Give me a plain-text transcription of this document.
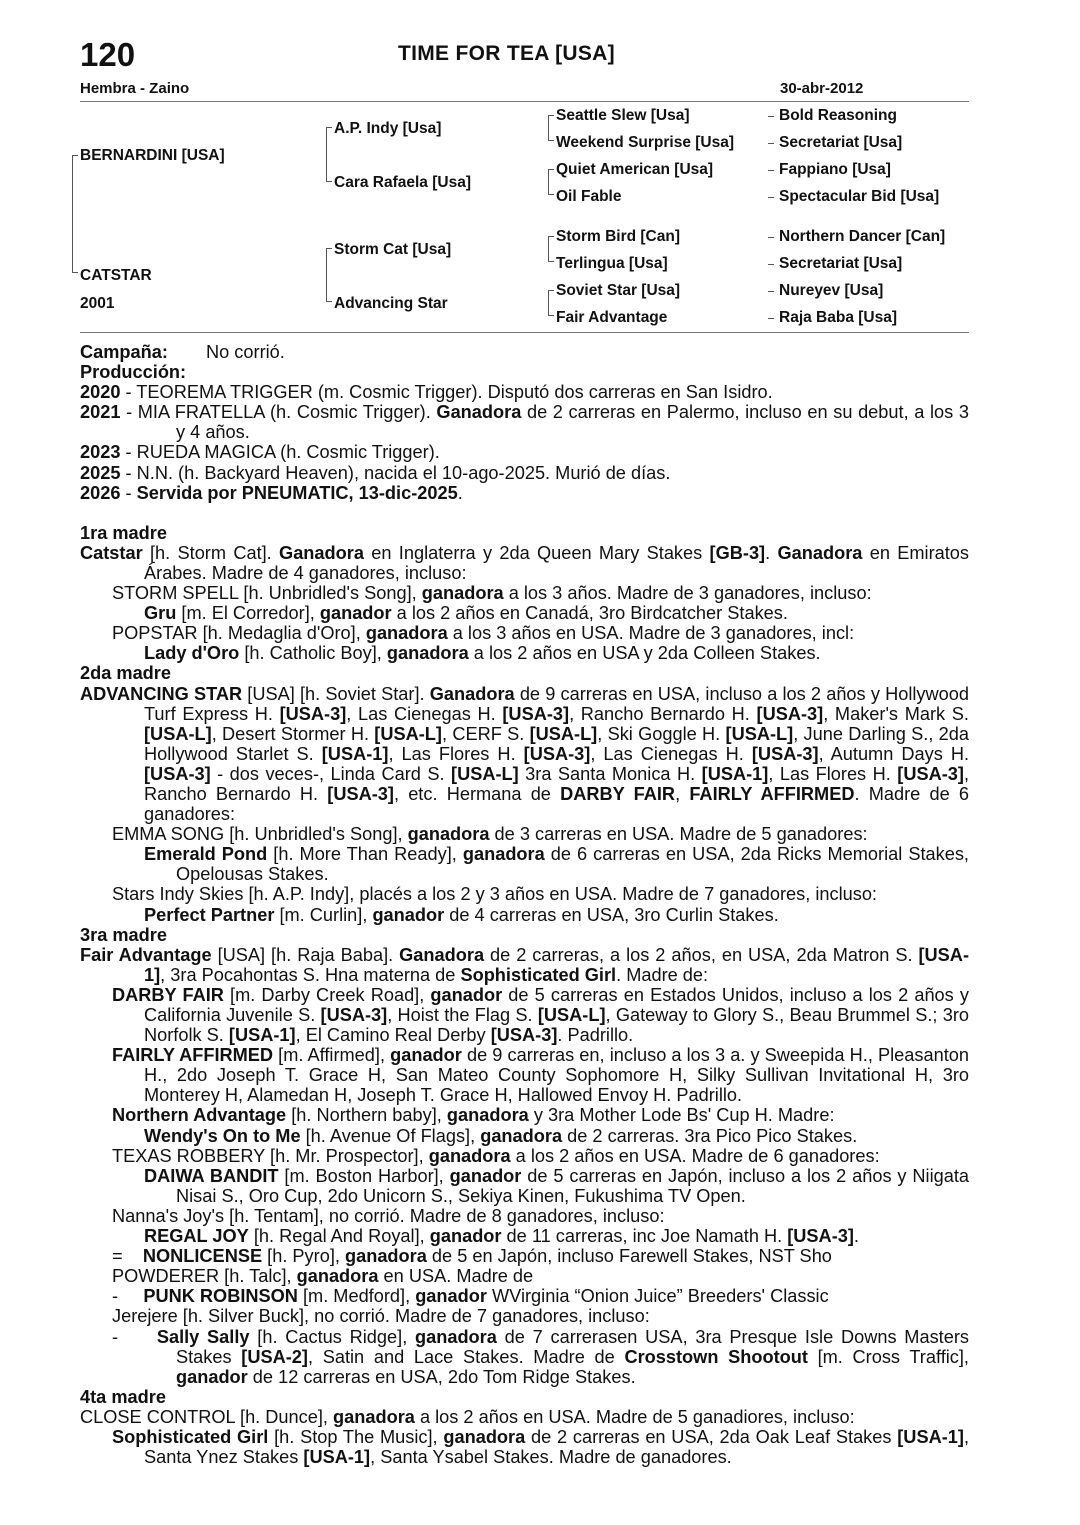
120	TIME FOR TEA [USA]
Hembra - Zaino	30-abr-2012
BERNARDINI [USA]
CATSTAR
2001
A.P. Indy [Usa]
Cara Rafaela [Usa]
Storm Cat [Usa]
Advancing Star
Seattle Slew [Usa]
Weekend Surprise [Usa]
Quiet American [Usa]
Oil Fable
Storm Bird [Can]
Terlingua [Usa]
Soviet Star [Usa]
Fair Advantage
Bold Reasoning
Secretariat [Usa]
Fappiano [Usa]
Spectacular Bid [Usa]
Northern Dancer [Can]
Secretariat [Usa]
Nureyev [Usa]
Raja Baba [Usa]

Campaña: No corrió.

Producción:

2020 - TEOREMA TRIGGER (m. Cosmic Trigger). Disputó dos carreras en San Isidro.

2021 - MIA FRATELLA (h. Cosmic Trigger). Ganadora de 2 carreras en Palermo, incluso en su debut, a los 3 y 4 años.

2023 - RUEDA MAGICA (h. Cosmic Trigger).

2025 - N.N. (h. Backyard Heaven), nacida el 10-ago-2025. Murió de días.

2026 - Servida por PNEUMATIC, 13-dic-2025.

1ra madre

Catstar [h. Storm Cat]. Ganadora en Inglaterra y 2da Queen Mary Stakes [GB-3]. Ganadora en Emiratos Árabes. Madre de 4 ganadores, incluso:

STORM SPELL [h. Unbridled's Song], ganadora a los 3 años. Madre de 3 ganadores, incluso:

Gru [m. El Corredor], ganador a los 2 años en Canadá, 3ro Birdcatcher Stakes.

POPSTAR [h. Medaglia d'Oro], ganadora a los 3 años en USA. Madre de 3 ganadores, incl:

Lady d'Oro [h. Catholic Boy], ganadora a los 2 años en USA y 2da Colleen Stakes.

2da madre

ADVANCING STAR [USA] [h. Soviet Star]. Ganadora de 9 carreras en USA, incluso a los 2 años y Hollywood Turf Express H. [USA-3], Las Cienegas H. [USA-3], Rancho Bernardo H. [USA-3], Maker's Mark S. [USA-L], Desert Stormer H. [USA-L], CERF S. [USA-L], Ski Goggle H. [USA-L], June Darling S., 2da Hollywood Starlet S. [USA-1], Las Flores H. [USA-3], Las Cienegas H. [USA-3], Autumn Days H. [USA-3] - dos veces-, Linda Card S. [USA-L] 3ra Santa Monica H. [USA-1], Las Flores H. [USA-3], Rancho Bernardo H. [USA-3], etc. Hermana de DARBY FAIR, FAIRLY AFFIRMED. Madre de 6 ganadores:

EMMA SONG [h. Unbridled's Song], ganadora de 3 carreras en USA. Madre de 5 ganadores:

Emerald Pond [h. More Than Ready], ganadora de 6 carreras en USA, 2da Ricks Memorial Stakes, Opelousas Stakes.

Stars Indy Skies [h. A.P. Indy], placés a los 2 y 3 años en USA. Madre de 7 ganadores, incluso:

Perfect Partner [m. Curlin], ganador de 4 carreras en USA, 3ro Curlin Stakes.

3ra madre

Fair Advantage [USA] [h. Raja Baba]. Ganadora de 2 carreras, a los 2 años, en USA, 2da Matron S. [USA-1], 3ra Pocahontas S. Hna materna de Sophisticated Girl. Madre de:

DARBY FAIR [m. Darby Creek Road], ganador de 5 carreras en Estados Unidos, incluso a los 2 años y California Juvenile S. [USA-3], Hoist the Flag S. [USA-L], Gateway to Glory S., Beau Brummel S.; 3ro Norfolk S. [USA-1], El Camino Real Derby [USA-3]. Padrillo.

FAIRLY AFFIRMED [m. Affirmed], ganador de 9 carreras en, incluso a los 3 a. y Sweepida H., Pleasanton H., 2do Joseph T. Grace H, San Mateo County Sophomore H, Silky Sullivan Invitational H, 3ro Monterey H, Alamedan H, Joseph T. Grace H, Hallowed Envoy H. Padrillo.

Northern Advantage [h. Northern baby], ganadora y 3ra Mother Lode Bs' Cup H. Madre:

Wendy's On to Me [h. Avenue Of Flags], ganadora de 2 carreras. 3ra Pico Pico Stakes.

TEXAS ROBBERY [h. Mr. Prospector], ganadora a los 2 años en USA. Madre de 6 ganadores:

DAIWA BANDIT [m. Boston Harbor], ganador de 5 carreras en Japón, incluso a los 2 años y Niigata Nisai S., Oro Cup, 2do Unicorn S., Sekiya Kinen, Fukushima TV Open.

Nanna's Joy's [h. Tentam], no corrió. Madre de 8 ganadores, incluso:

REGAL JOY [h. Regal And Royal], ganador de 11 carreras, inc Joe Namath H. [USA-3].

=    NONLICENSE [h. Pyro], ganadora de 5 en Japón, incluso Farewell Stakes, NST Sho

POWDERER [h. Talc], ganadora en USA. Madre de

-     PUNK ROBINSON [m. Medford], ganador WVirginia “Onion Juice” Breeders' Classic

Jerejere [h. Silver Buck], no corrió. Madre de 7 ganadores, incluso:

-     Sally Sally [h. Cactus Ridge], ganadora de 7 carrerasen USA, 3ra Presque Isle Downs Masters Stakes [USA-2], Satin and Lace Stakes. Madre de Crosstown Shootout [m. Cross Traffic], ganador de 12 carreras en USA, 2do Tom Ridge Stakes.

4ta madre

CLOSE CONTROL [h. Dunce], ganadora a los 2 años en USA. Madre de 5 ganadiores, incluso:

Sophisticated Girl [h. Stop The Music], ganadora de 2 carreras en USA, 2da Oak Leaf Stakes [USA-1], Santa Ynez Stakes [USA-1], Santa Ysabel Stakes. Madre de ganadores.
